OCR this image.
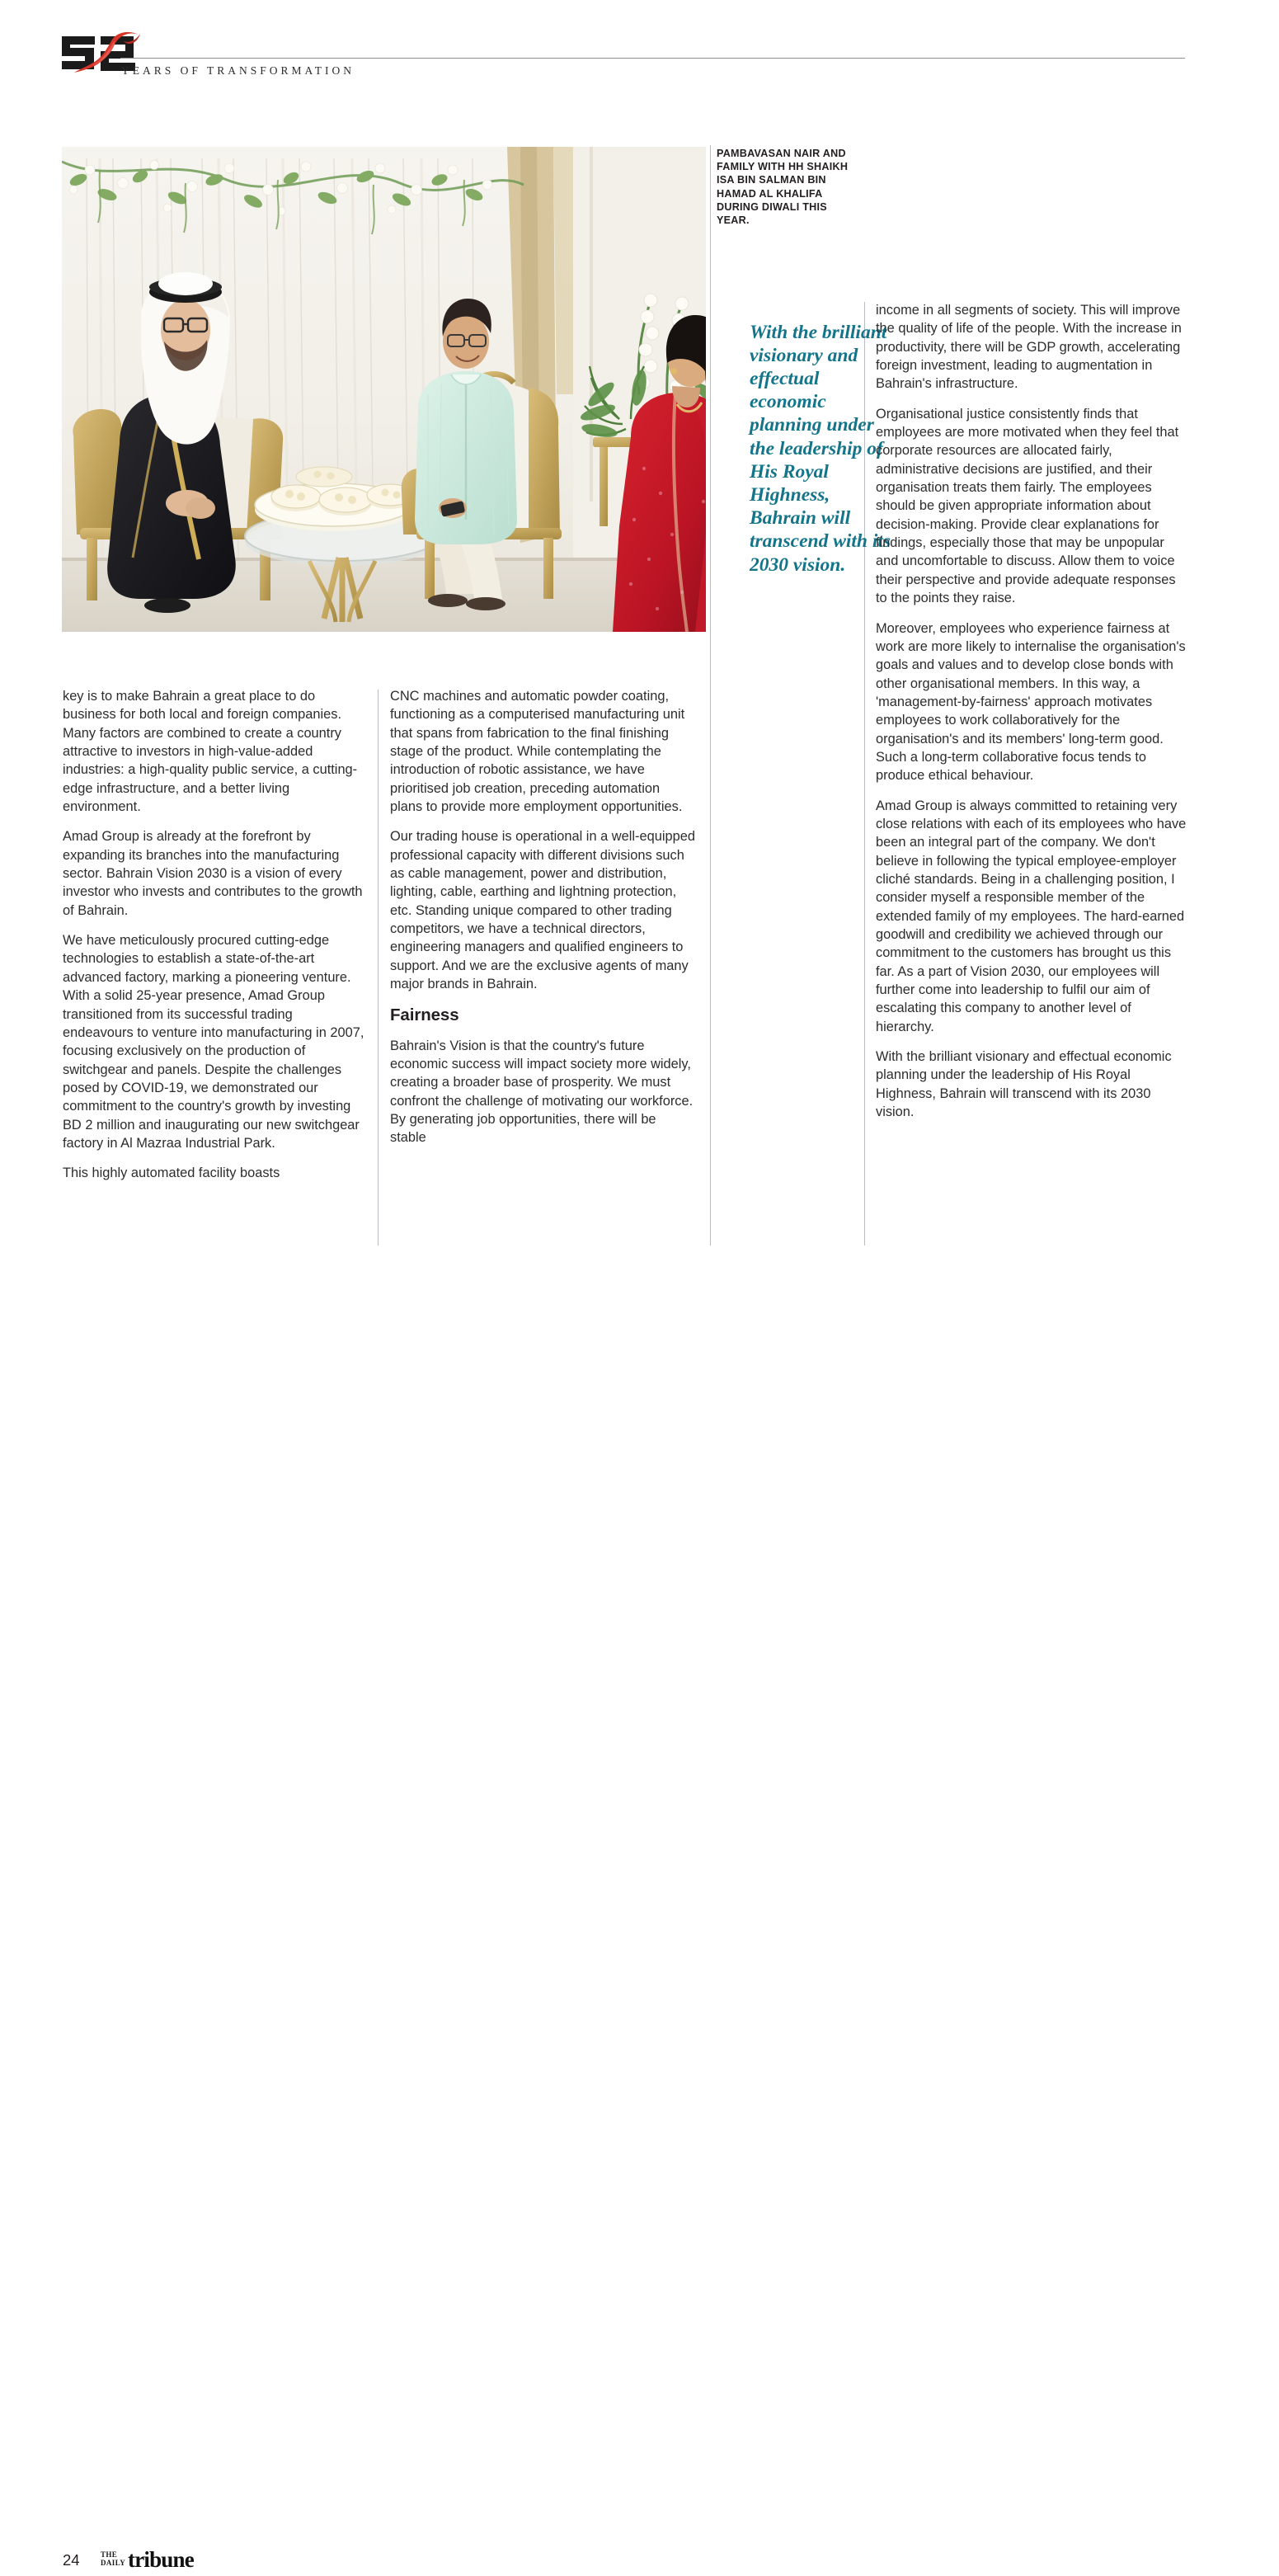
YEARS OF TRANSFORMATION
PAMBAVASAN NAIR AND FAMILY WITH HH SHAIKH ISA BIN SALMAN BIN HAMAD AL KHALIFA DURING DIWALI THIS YEAR.
With the brilliant visionary and effectual economic planning under the leadership of His Royal Highness, Bahrain will transcend with its 2030 vision.

key is to make Bahrain a great place to do business for both local and foreign companies. Many factors are combined to create a country attractive to investors in high-value-added industries: a high-quality public service, a cutting-edge infrastructure, and a better living environment.

Amad Group is already at the forefront by expanding its branches into the manufacturing sector. Bahrain Vision 2030 is a vision of every investor who invests and contributes to the growth of Bahrain.

We have meticulously procured cutting-edge technologies to establish a state-of-the-art advanced factory, marking a pioneering venture. With a solid 25-year presence, Amad Group transitioned from its successful trading endeavours to venture into manufacturing in 2007, focusing exclusively on the production of switchgear and panels. Despite the challenges posed by COVID-19, we demonstrated our commitment to the country's growth by investing BD 2 million and inaugurating our new switchgear factory in Al Mazraa Industrial Park.

This highly automated facility boasts

CNC machines and automatic powder coating, functioning as a computerised manufacturing unit that spans from fabrication to the final finishing stage of the product. While contemplating the introduction of robotic assistance, we have prioritised job creation, preceding automation plans to provide more employment opportunities.

Our trading house is operational in a well-equipped professional capacity with different divisions such as cable management, power and distribution, lighting, cable, earthing and lightning protection, etc. Standing unique compared to other trading competitors, we have a technical directors, engineering managers and qualified engineers to support. And we are the exclusive agents of many major brands in Bahrain.

Fairness

Bahrain's Vision is that the country's future economic success will impact society more widely, creating a broader base of prosperity. We must confront the challenge of motivating our workforce. By generating job opportunities, there will be stable

income in all segments of society. This will improve the quality of life of the people. With the increase in productivity, there will be GDP growth, accelerating foreign investment, leading to augmentation in Bahrain's infrastructure.

Organisational justice consistently finds that employees are more motivated when they feel that corporate resources are allocated fairly, administrative decisions are justified, and their organisation treats them fairly. The employees should be given appropriate information about decision-making. Provide clear explanations for findings, especially those that may be unpopular and uncomfortable to discuss. Allow them to voice their perspective and provide adequate responses to the points they raise.

Moreover, employees who experience fairness at work are more likely to internalise the organisation's goals and values and to develop close bonds with other organisational members. In this way, a 'management-by-fairness' approach motivates employees to work collaboratively for the organisation's and its members' long-term good. Such a long-term collaborative focus tends to produce ethical behaviour.

Amad Group is always committed to retaining very close relations with each of its employees who have been an integral part of the company. We don't believe in following the typical employee-employer cliché standards. Being in a challenging position, I consider myself a responsible member of the extended family of my employees. The hard-earned goodwill and credibility we achieved through our commitment to the customers has brought us this far. As a part of Vision 2030, our employees will further come into leadership to fulfil our aim of escalating this company to another level of hierarchy.

With the brilliant visionary and effectual economic planning under the leadership of His Royal Highness, Bahrain will transcend with its 2030 vision.

24	THE
DAILY tribune
